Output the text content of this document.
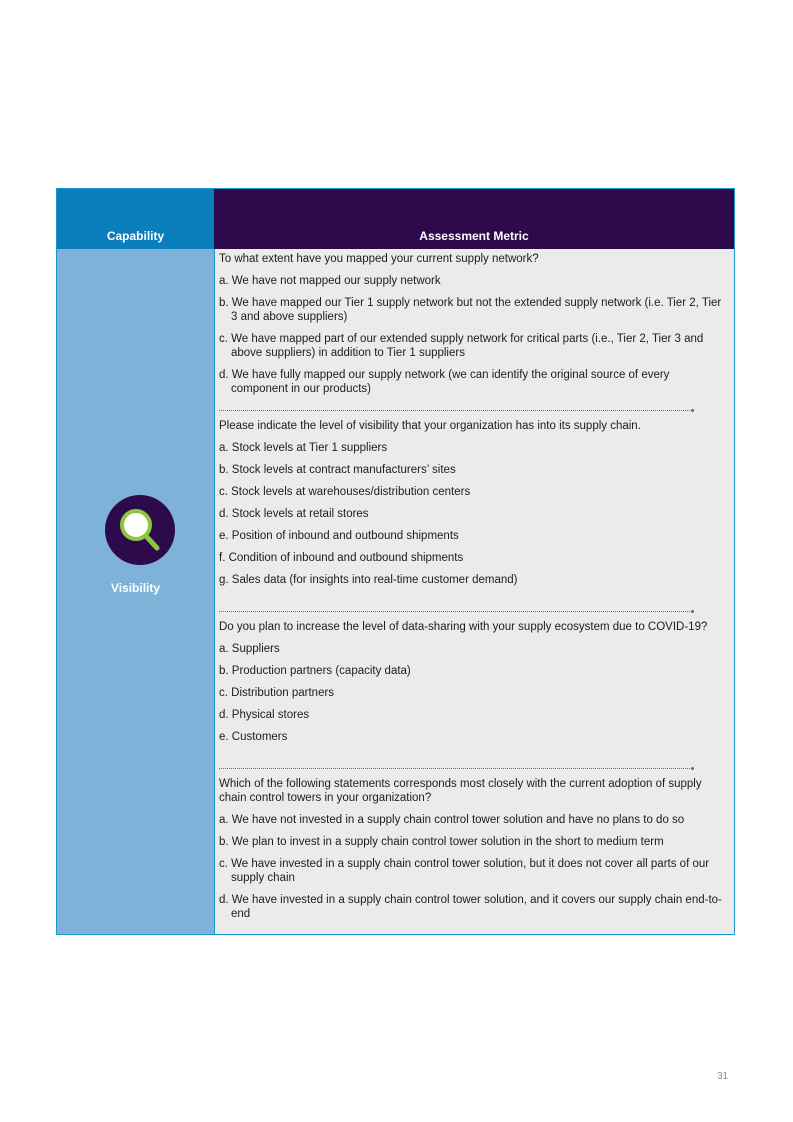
Capability	Assessment Metric
Visibility
To what extent have you mapped your current supply network?
a. We have not mapped our supply network
b. We have mapped our Tier 1 supply network but not the extended supply network (i.e. Tier 2, Tier 3 and above suppliers)
c. We have mapped part of our extended supply network for critical parts (i.e., Tier 2, Tier 3 and above suppliers) in addition to Tier 1 suppliers
d. We have fully mapped our supply network (we can identify the original source of every component in our products)
Please indicate the level of visibility that your organization has into its supply chain.
a. Stock levels at Tier 1 suppliers
b. Stock levels at contract manufacturers’ sites
c. Stock levels at warehouses/distribution centers
d. Stock levels at retail stores
e. Position of inbound and outbound shipments
f. Condition of inbound and outbound shipments
g. Sales data (for insights into real-time customer demand)
Do you plan to increase the level of data-sharing with your supply ecosystem due to COVID-19?
a. Suppliers
b. Production partners (capacity data)
c. Distribution partners
d. Physical stores
e. Customers
Which of the following statements corresponds most closely with the current adoption of supply chain control towers in your organization?
a. We have not invested in a supply chain control tower solution and have no plans to do so
b. We plan to invest in a supply chain control tower solution in the short to medium term
c. We have invested in a supply chain control tower solution, but it does not cover all parts of our supply chain
d. We have invested in a supply chain control tower solution, and it covers our supply chain end-to-end
31
